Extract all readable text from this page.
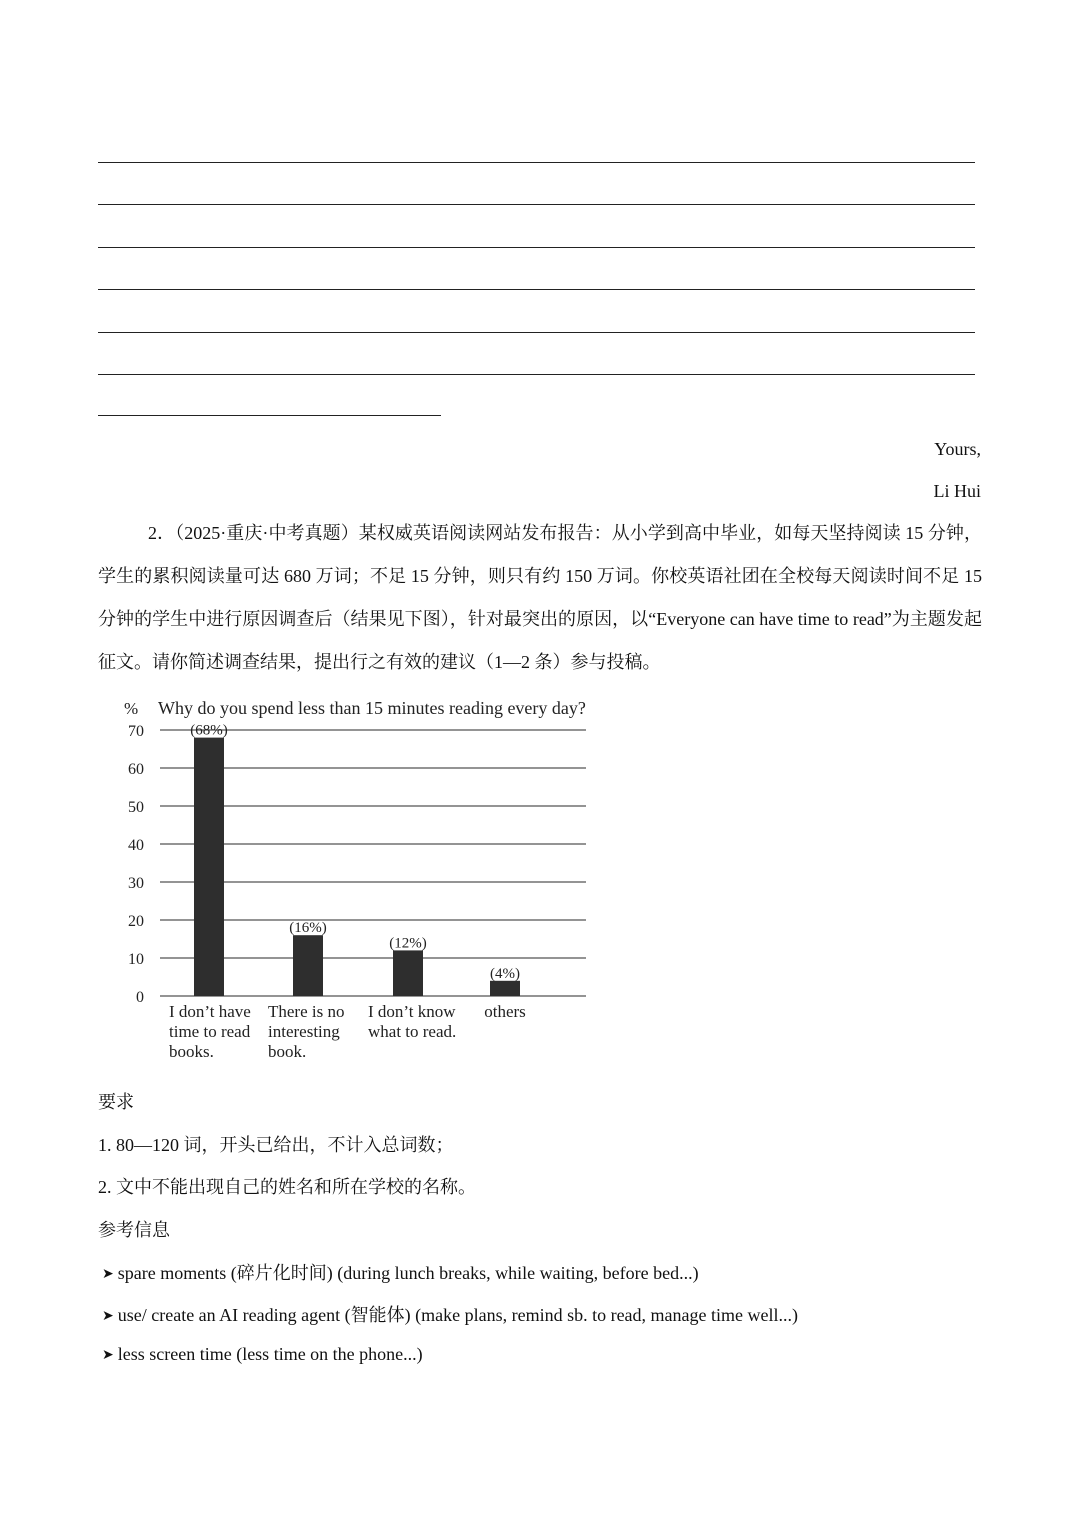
Yours,
Li Hui

2．（2025·重庆·中考真题）某权威英语阅读网站发布报告：从小学到高中毕业，如每天坚持阅读 15 分钟，学生的累积阅读量可达 680 万词；不足 15 分钟，则只有约 150 万词。你校英语社团在全校每天阅读时间不足 15 分钟的学生中进行原因调查后（结果见下图），针对最突出的原因，以“Everyone can have time to read”为主题发起征文。请你简述调查结果，提出行之有效的建议（1—2 条）参与投稿。

% Why do you spend less than 15 minutes reading every day?
0
10
20
30
40
50
60
70	(68%)
I don’t have
time to read
books.
(16%)
There is no
interesting
book.
(12%)
I don’t know
what to read.
(4%)
others
要求
1. 80—120 词，开头已给出，不计入总词数；
2. 文中不能出现自己的姓名和所在学校的名称。
参考信息
➤ spare moments (碎片化时间) (during lunch breaks, while waiting, before bed...)
➤ use/ create an AI reading agent (智能体) (make plans, remind sb. to read, manage time well...)
➤ less screen time (less time on the phone...)
